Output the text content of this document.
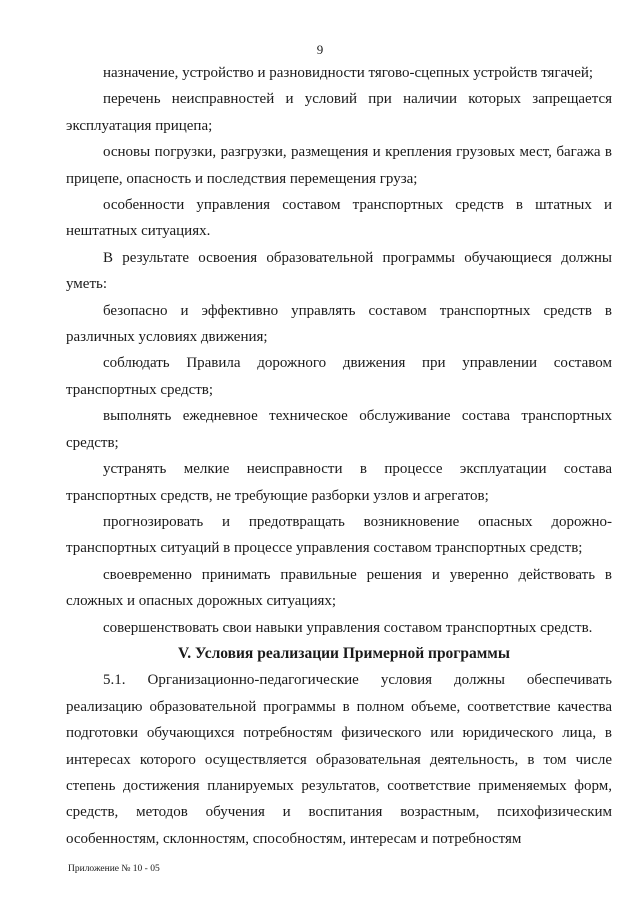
9

назначение, устройство и разновидности тягово-сцепных устройств тягачей;

перечень неисправностей и условий при наличии которых запрещается эксплуатация прицепа;

основы погрузки, разгрузки, размещения и крепления грузовых мест, багажа в прицепе, опасность и последствия перемещения груза;

особенности управления составом транспортных средств в штатных и нештатных ситуациях.

В результате освоения образовательной программы обучающиеся должны уметь:

безопасно и эффективно управлять составом транспортных средств в различных условиях движения;

соблюдать Правила дорожного движения при управлении составом транспортных средств;

выполнять ежедневное техническое обслуживание состава транспортных средств;

устранять мелкие неисправности в процессе эксплуатации состава транспортных средств, не требующие разборки узлов и агрегатов;

прогнозировать и предотвращать возникновение опасных дорожно-транспортных ситуаций в процессе управления составом транспортных средств;

своевременно принимать правильные решения и уверенно действовать в сложных и опасных дорожных ситуациях;

совершенствовать свои навыки управления составом транспортных средств.

V. Условия реализации Примерной программы

5.1. Организационно-педагогические условия должны обеспечивать реализацию образовательной программы в полном объеме, соответствие качества подготовки обучающихся потребностям физического или юридического лица, в интересах которого осуществляется образовательная деятельность, в том числе степень достижения планируемых результатов, соответствие применяемых форм, средств, методов обучения и воспитания возрастным, психофизическим особенностям, склонностям, способностям, интересам и потребностям

Приложение № 10 - 05
